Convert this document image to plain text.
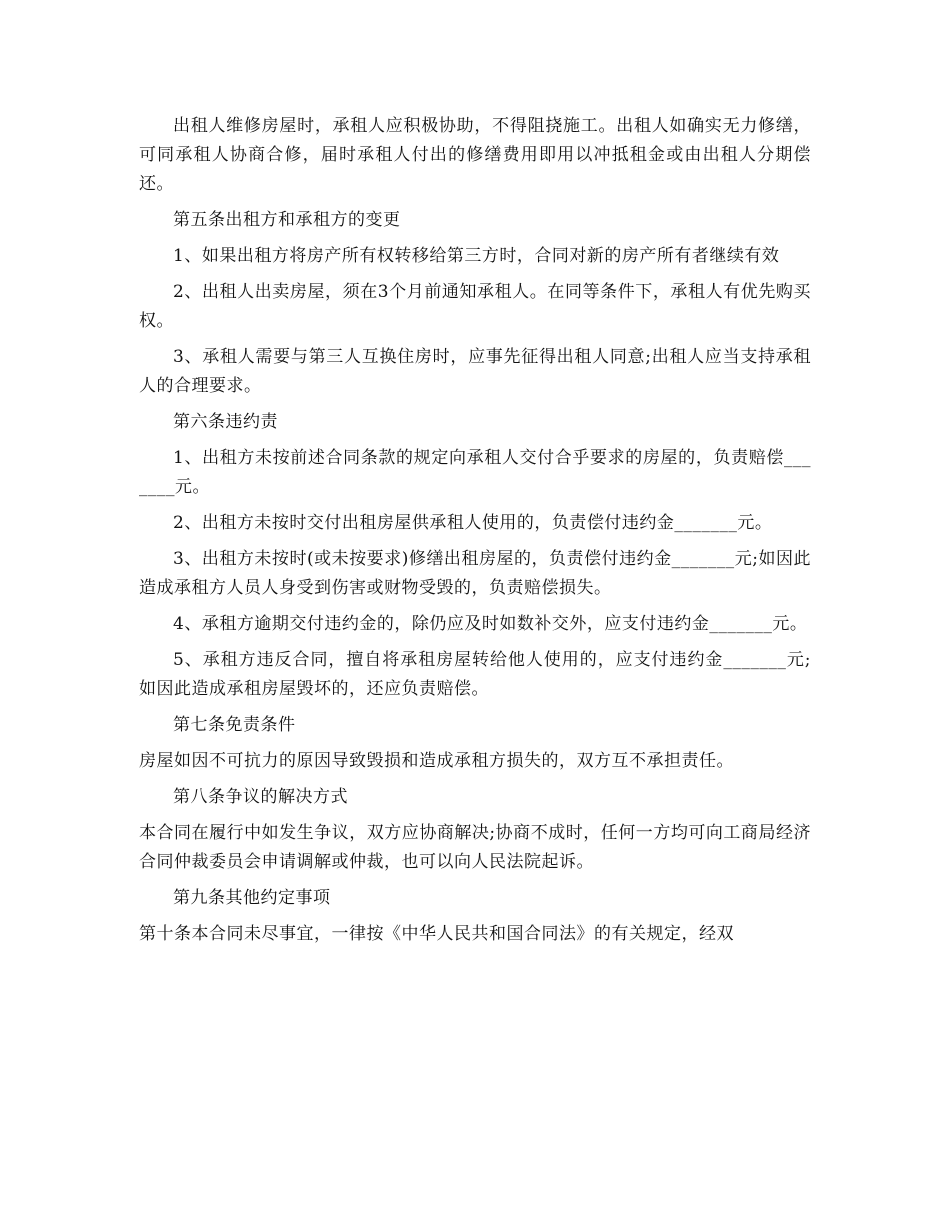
出租人维修房屋时，承租人应积极协助，不得阻挠施工。出租人如确实无力修缮，可同承租人协商合修，届时承租人付出的修缮费用即用以冲抵租金或由出租人分期偿还。

第五条出租方和承租方的变更

1、如果出租方将房产所有权转移给第三方时，合同对新的房产所有者继续有效

2、出租人出卖房屋，须在3个月前通知承租人。在同等条件下，承租人有优先购买权。

3、承租人需要与第三人互换住房时，应事先征得出租人同意;出租人应当支持承租人的合理要求。

第六条违约责

1、出租方未按前述合同条款的规定向承租人交付合乎要求的房屋的，负责赔偿_______元。

2、出租方未按时交付出租房屋供承租人使用的，负责偿付违约金_______元。

3、出租方未按时(或未按要求)修缮出租房屋的，负责偿付违约金_______元;如因此造成承租方人员人身受到伤害或财物受毁的，负责赔偿损失。

4、承租方逾期交付违约金的，除仍应及时如数补交外，应支付违约金_______元。

5、承租方违反合同，擅自将承租房屋转给他人使用的，应支付违约金_______元;如因此造成承租房屋毁坏的，还应负责赔偿。

第七条免责条件

房屋如因不可抗力的原因导致毁损和造成承租方损失的，双方互不承担责任。

第八条争议的解决方式

本合同在履行中如发生争议，双方应协商解决;协商不成时，任何一方均可向工商局经济合同仲裁委员会申请调解或仲裁，也可以向人民法院起诉。

第九条其他约定事项

第十条本合同未尽事宜，一律按《中华人民共和国合同法》的有关规定，经双
